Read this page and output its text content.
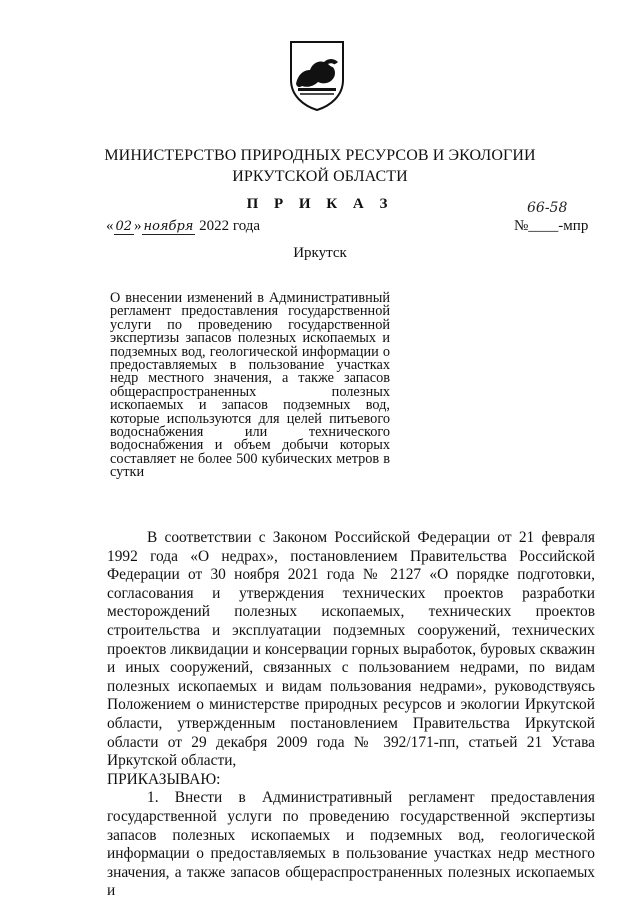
МИНИСТЕРСТВО ПРИРОДНЫХ РЕСУРСОВ И ЭКОЛОГИИ
ИРКУТСКОЙ ОБЛАСТИ
П Р И К А З
« 02 » ноября 2022 года
66-58
№____-мпр
Иркутск
О внесении изменений в Административный регламент предоставления государственной услуги по проведению государственной экспертизы запасов полезных ископаемых и подземных вод, геологической информации о предоставляемых в пользование участках недр местного значения, а также запасов общераспространенных полезных ископаемых и запасов подземных вод, которые используются для целей питьевого водоснабжения или технического водоснабжения и объем добычи которых составляет не более 500 кубических метров в сутки

В соответствии с Законом Российской Федерации от 21 февраля 1992 года «О недрах», постановлением Правительства Российской Федерации от 30 ноября 2021 года № 2127 «О порядке подготовки, согласования и утверждения технических проектов разработки месторождений полезных ископаемых, технических проектов строительства и эксплуатации подземных сооружений, технических проектов ликвидации и консервации горных выработок, буровых скважин и иных сооружений, связанных с пользованием недрами, по видам полезных ископаемых и видам пользования недрами», руководствуясь Положением о министерстве природных ресурсов и экологии Иркутской области, утвержденным постановлением Правительства Иркутской области от 29 декабря 2009 года № 392/171-пп, статьей 21 Устава Иркутской области,

ПРИКАЗЫВАЮ:

1. Внести в Административный регламент предоставления государственной услуги по проведению государственной экспертизы запасов полезных ископаемых и подземных вод, геологической информации о предоставляемых в пользование участках недр местного значения, а также запасов общераспространенных полезных ископаемых и
